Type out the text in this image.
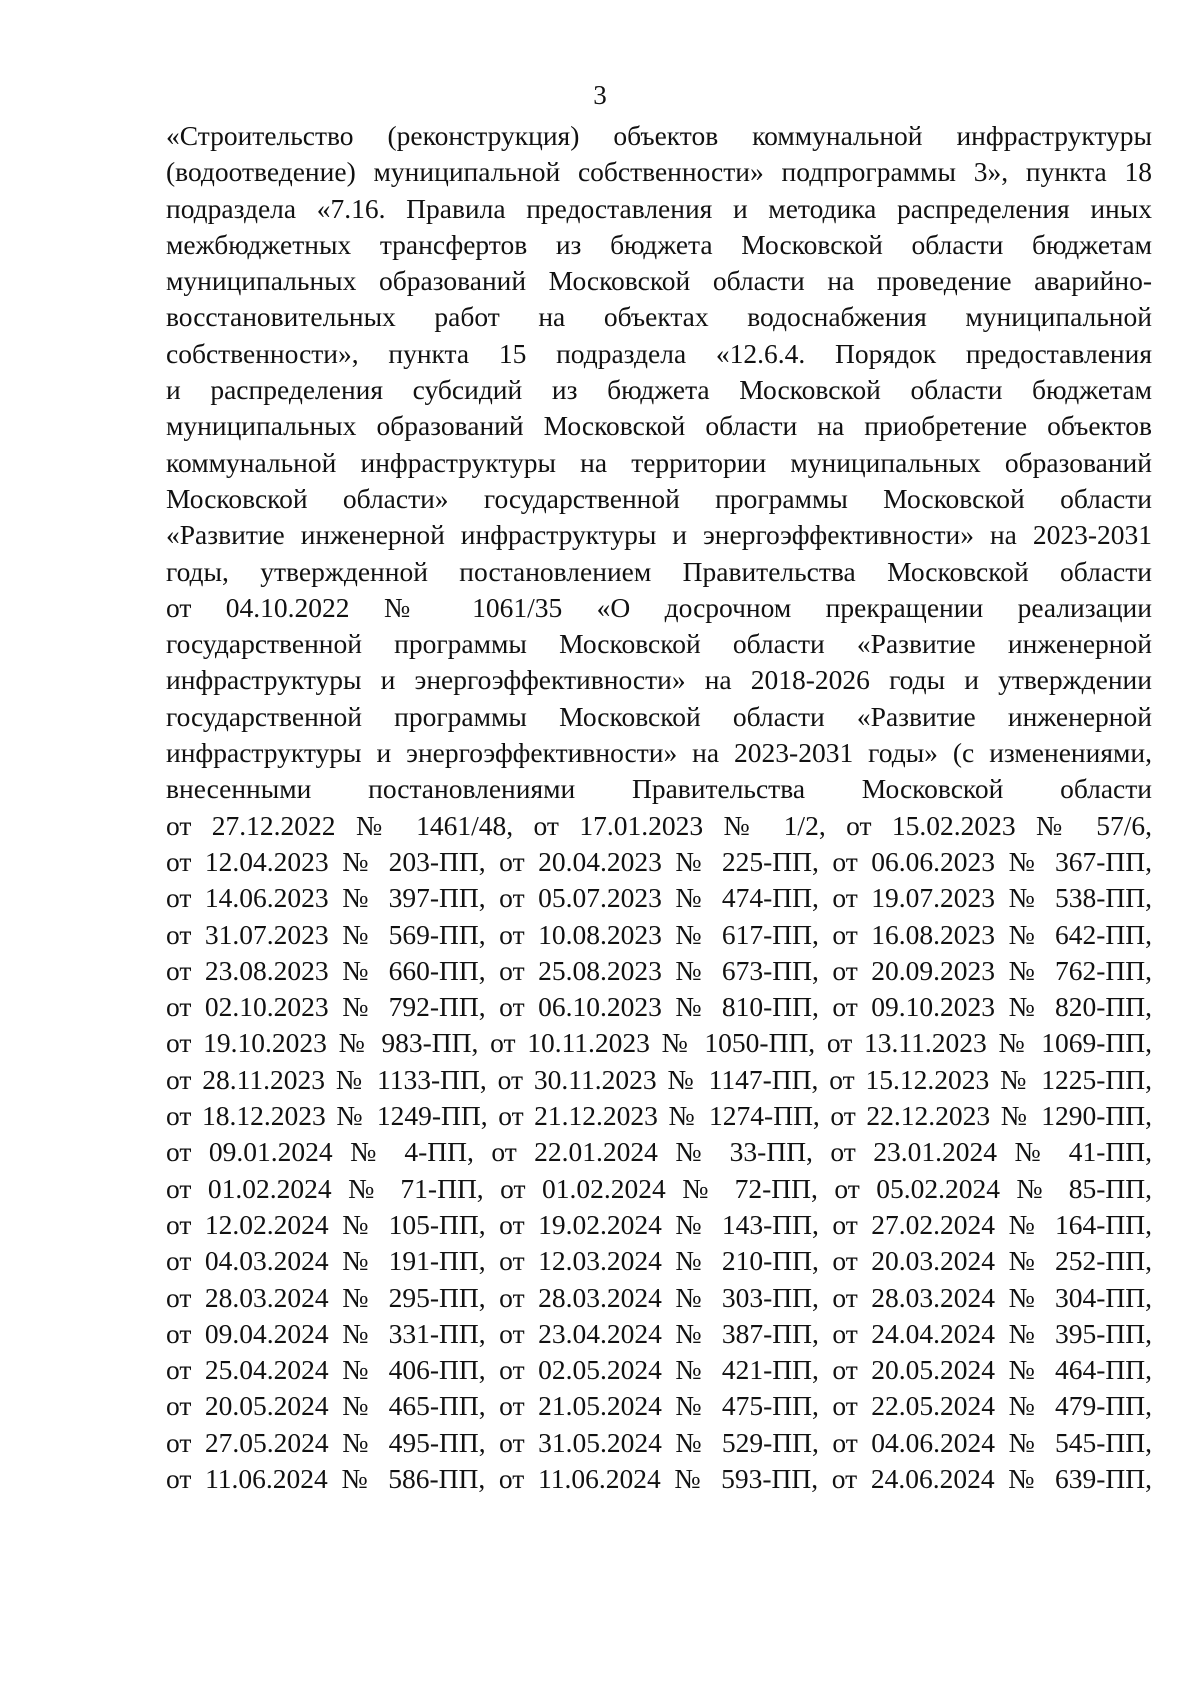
3
«Строительство (реконструкция) объектов коммунальной инфраструктуры
(водоотведение) муниципальной собственности» подпрограммы 3», пункта 18
подраздела «7.16. Правила предоставления и методика распределения иных
межбюджетных трансфертов из бюджета Московской области бюджетам
муниципальных образований Московской области на проведение аварийно-
восстановительных работ на объектах водоснабжения муниципальной
собственности», пункта 15 подраздела «12.6.4. Порядок предоставления
и распределения субсидий из бюджета Московской области бюджетам
муниципальных образований Московской области на приобретение объектов
коммунальной инфраструктуры на территории муниципальных образований
Московской области» государственной программы Московской области
«Развитие инженерной инфраструктуры и энергоэффективности» на 2023-2031
годы, утвержденной постановлением Правительства Московской области
от 04.10.2022 № 1061/35 «О досрочном прекращении реализации
государственной программы Московской области «Развитие инженерной
инфраструктуры и энергоэффективности» на 2018-2026 годы и утверждении
государственной программы Московской области «Развитие инженерной
инфраструктуры и энергоэффективности» на 2023-2031 годы» (с изменениями,
внесенными постановлениями Правительства Московской области
от 27.12.2022 № 1461/48, от 17.01.2023 № 1/2, от 15.02.2023 № 57/6,
от 12.04.2023 № 203-ПП, от 20.04.2023 № 225-ПП, от 06.06.2023 № 367-ПП,
от 14.06.2023 № 397-ПП, от 05.07.2023 № 474-ПП, от 19.07.2023 № 538-ПП,
от 31.07.2023 № 569-ПП, от 10.08.2023 № 617-ПП, от 16.08.2023 № 642-ПП,
от 23.08.2023 № 660-ПП, от 25.08.2023 № 673-ПП, от 20.09.2023 № 762-ПП,
от 02.10.2023 № 792-ПП, от 06.10.2023 № 810-ПП, от 09.10.2023 № 820-ПП,
от 19.10.2023 № 983-ПП, от 10.11.2023 № 1050-ПП, от 13.11.2023 № 1069-ПП,
от 28.11.2023 № 1133-ПП, от 30.11.2023 № 1147-ПП, от 15.12.2023 № 1225-ПП,
от 18.12.2023 № 1249-ПП, от 21.12.2023 № 1274-ПП, от 22.12.2023 № 1290-ПП,
от 09.01.2024 № 4-ПП, от 22.01.2024 № 33-ПП, от 23.01.2024 № 41-ПП,
от 01.02.2024 № 71-ПП, от 01.02.2024 № 72-ПП, от 05.02.2024 № 85-ПП,
от 12.02.2024 № 105-ПП, от 19.02.2024 № 143-ПП, от 27.02.2024 № 164-ПП,
от 04.03.2024 № 191-ПП, от 12.03.2024 № 210-ПП, от 20.03.2024 № 252-ПП,
от 28.03.2024 № 295-ПП, от 28.03.2024 № 303-ПП, от 28.03.2024 № 304-ПП,
от 09.04.2024 № 331-ПП, от 23.04.2024 № 387-ПП, от 24.04.2024 № 395-ПП,
от 25.04.2024 № 406-ПП, от 02.05.2024 № 421-ПП, от 20.05.2024 № 464-ПП,
от 20.05.2024 № 465-ПП, от 21.05.2024 № 475-ПП, от 22.05.2024 № 479-ПП,
от 27.05.2024 № 495-ПП, от 31.05.2024 № 529-ПП, от 04.06.2024 № 545-ПП,
от 11.06.2024 № 586-ПП, от 11.06.2024 № 593-ПП, от 24.06.2024 № 639-ПП,
